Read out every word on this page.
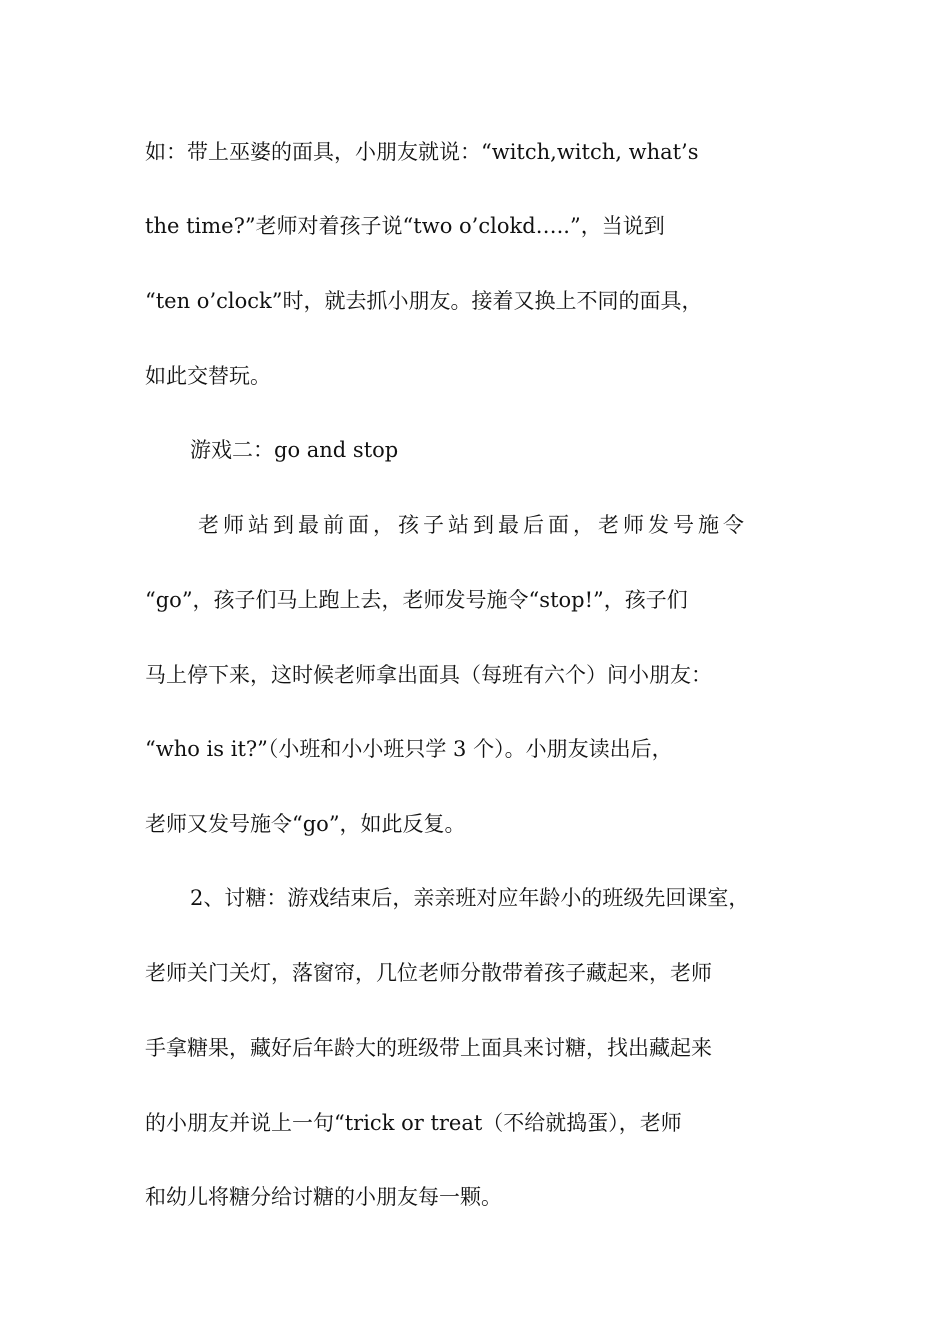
如：带上巫婆的面具，小朋友就说：“witch,witch, what’s

the time?”老师对着孩子说“two o’clokd…..”，当说到

“ten o’clock”时，就去抓小朋友。接着又换上不同的面具，

如此交替玩。

游戏二：go and stop

老师站到最前面，孩子站到最后面，老师发号施令

“go”，孩子们马上跑上去，老师发号施令“stop!”，孩子们

马上停下来，这时候老师拿出面具（每班有六个）问小朋友：

“who is it?”（小班和小小班只学 3 个）。小朋友读出后，

老师又发号施令“go”，如此反复。

2、讨糖：游戏结束后，亲亲班对应年龄小的班级先回课室，

老师关门关灯，落窗帘，几位老师分散带着孩子藏起来，老师

手拿糖果，藏好后年龄大的班级带上面具来讨糖，找出藏起来

的小朋友并说上一句“trick or treat（不给就捣蛋），老师

和幼儿将糖分给讨糖的小朋友每一颗。
